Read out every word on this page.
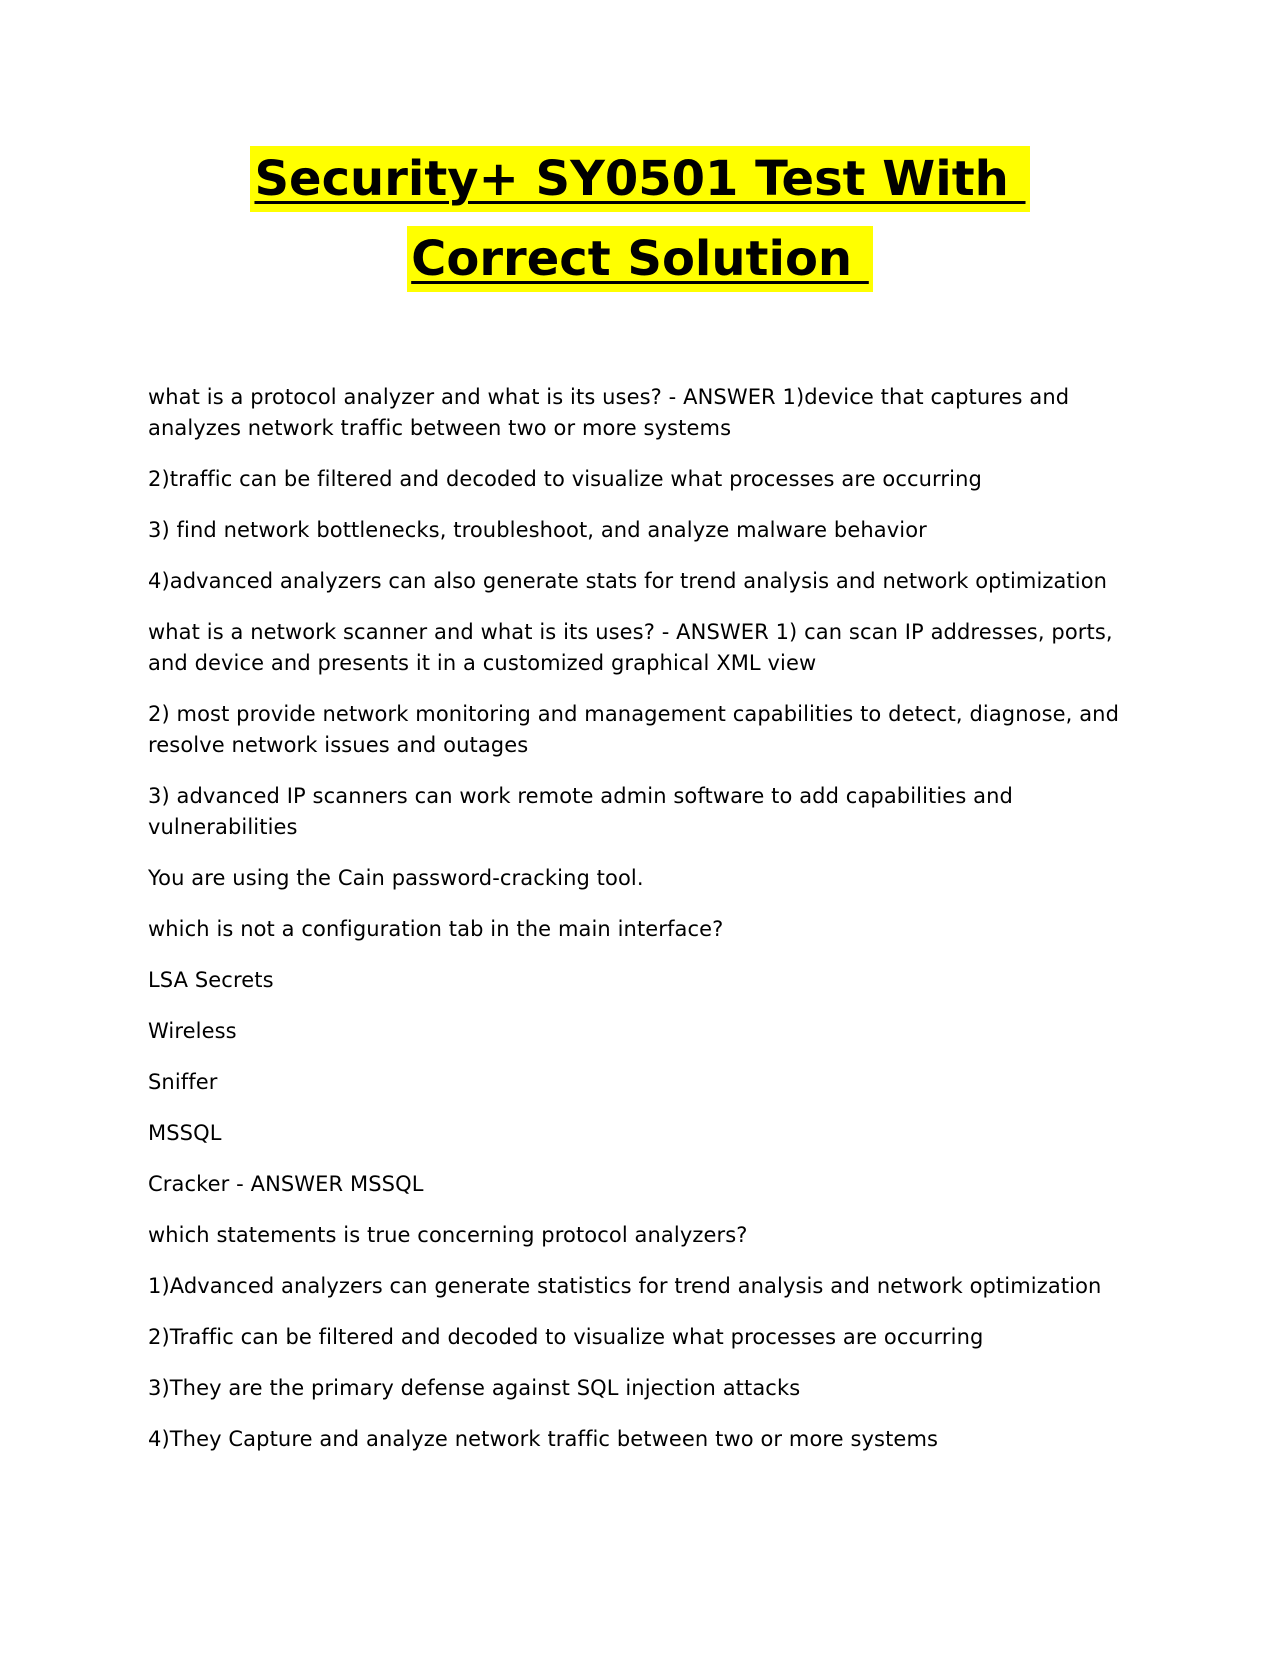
Security+ SY0501 Test With
Correct Solution

what is a protocol analyzer and what is its uses? - ANSWER 1)device that captures and analyzes network traffic between two or more systems

2)traffic can be filtered and decoded to visualize what processes are occurring

3) find network bottlenecks, troubleshoot, and analyze malware behavior

4)advanced analyzers can also generate stats for trend analysis and network optimization

what is a network scanner and what is its uses? - ANSWER 1) can scan IP addresses, ports, and device and presents it in a customized graphical XML view

2) most provide network monitoring and management capabilities to detect, diagnose, and resolve network issues and outages

3) advanced IP scanners can work remote admin software to add capabilities and vulnerabilities

You are using the Cain password-cracking tool.

which is not a configuration tab in the main interface?

LSA Secrets

Wireless

Sniffer

MSSQL

Cracker - ANSWER MSSQL

which statements is true concerning protocol analyzers?

1)Advanced analyzers can generate statistics for trend analysis and network optimization

2)Traffic can be filtered and decoded to visualize what processes are occurring

3)They are the primary defense against SQL injection attacks

4)They Capture and analyze network traffic between two or more systems
